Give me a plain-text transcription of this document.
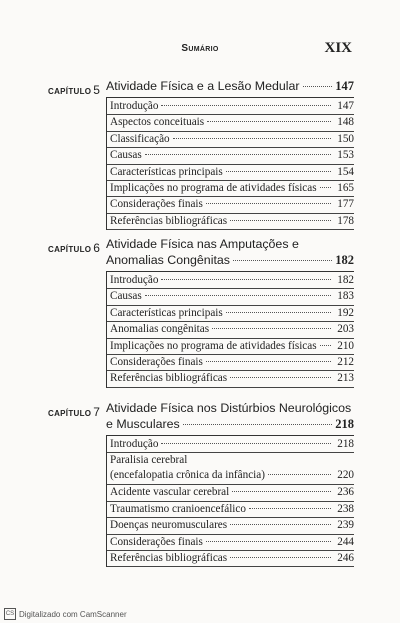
Sumário	XIX
CAPÍTULO 5 Atividade Física e a Lesão Medular	147
Introdução	147
Aspectos conceituais	148
Classificação	150
Causas	153
Características principais	154
Implicações no programa de atividades físicas 165
Considerações finais	177
Referências bibliográficas	178
CAPÍTULO 6 Atividade Física nas Amputações e
Anomalias Congênitas	182
Introdução	182
Causas	183
Características principais	192
Anomalias congênitas	203
Implicações no programa de atividades físicas 210
Considerações finais	212
Referências bibliográficas	213
CAPÍTULO 7 Atividade Física nos Distúrbios Neurológicos
e Musculares	218
Introdução	218
Paralisia cerebral
(encefalopatia crônica da infância)	220
Acidente vascular cerebral	236
Traumatismo cranioencefálico	238
Doenças neuromusculares	239
Considerações finais	244
Referências bibliográficas	246
CS Digitalizado com CamScanner
